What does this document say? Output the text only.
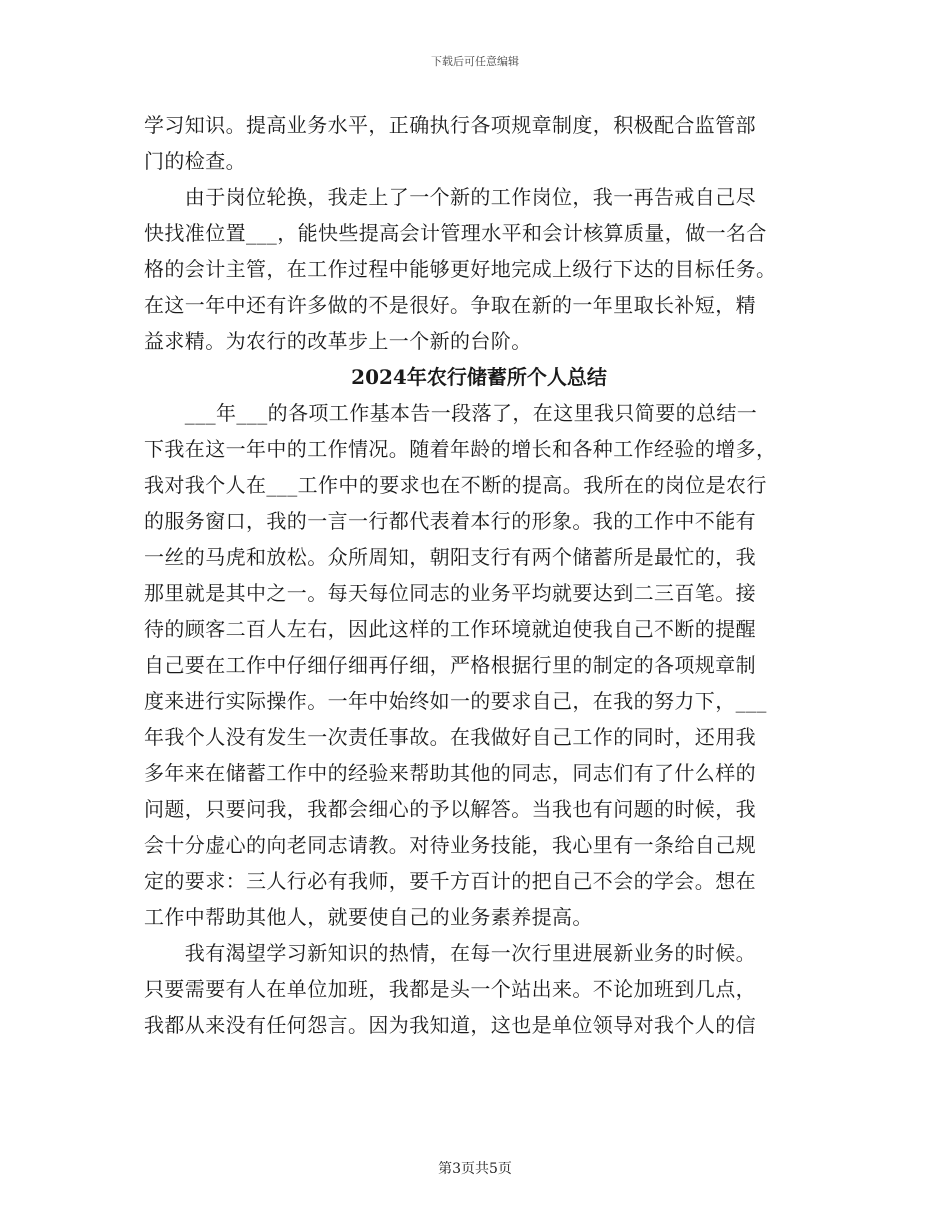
下载后可任意编辑

学习知识。提高业务水平，正确执行各项规章制度，积极配合监管部

门的检查。

　　由于岗位轮换，我走上了一个新的工作岗位，我一再告戒自己尽

快找准位置___，能快些提高会计管理水平和会计核算质量，做一名合

格的会计主管，在工作过程中能够更好地完成上级行下达的目标任务。

在这一年中还有许多做的不是很好。争取在新的一年里取长补短，精

益求精。为农行的改革步上一个新的台阶。

2024年农行储蓄所个人总结

　　___年___的各项工作基本告一段落了，在这里我只简要的总结一

下我在这一年中的工作情况。随着年龄的增长和各种工作经验的增多，

我对我个人在___工作中的要求也在不断的提高。我所在的岗位是农行

的服务窗口，我的一言一行都代表着本行的形象。我的工作中不能有

一丝的马虎和放松。众所周知，朝阳支行有两个储蓄所是最忙的，我

那里就是其中之一。每天每位同志的业务平均就要达到二三百笔。接

待的顾客二百人左右，因此这样的工作环境就迫使我自己不断的提醒

自己要在工作中仔细仔细再仔细，严格根据行里的制定的各项规章制

度来进行实际操作。一年中始终如一的要求自己，在我的努力下，___

年我个人没有发生一次责任事故。在我做好自己工作的同时，还用我

多年来在储蓄工作中的经验来帮助其他的同志，同志们有了什么样的

问题，只要问我，我都会细心的予以解答。当我也有问题的时候，我

会十分虚心的向老同志请教。对待业务技能，我心里有一条给自己规

定的要求：三人行必有我师，要千方百计的把自己不会的学会。想在

工作中帮助其他人，就要使自己的业务素养提高。

　　我有渴望学习新知识的热情，在每一次行里进展新业务的时候。

只要需要有人在单位加班，我都是头一个站出来。不论加班到几点，

我都从来没有任何怨言。因为我知道，这也是单位领导对我个人的信

第3页共5页
